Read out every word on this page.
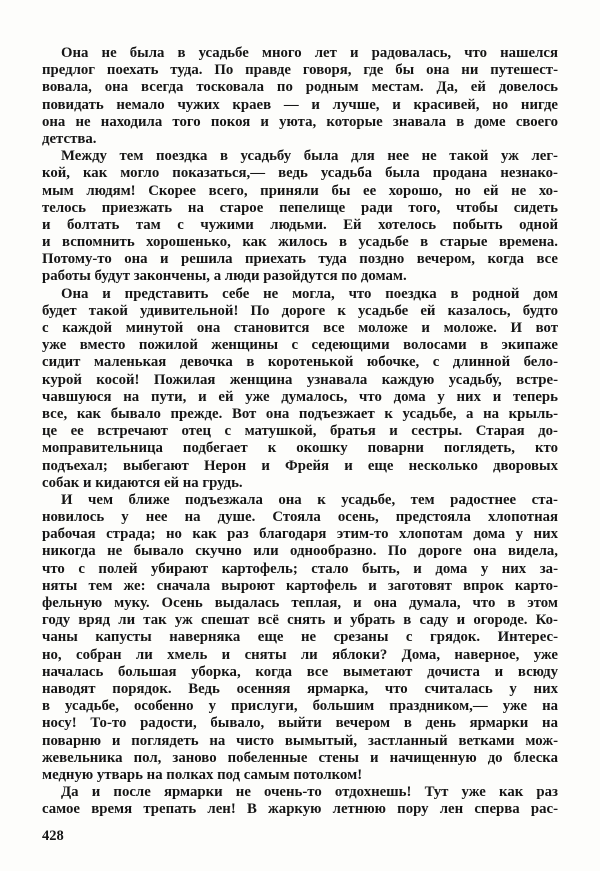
Она не была в усадьбе много лет и радовалась, что нашелся
предлог поехать туда. По правде говоря, где бы она ни путешест-
вовала, она всегда тосковала по родным местам. Да, ей довелось
повидать немало чужих краев — и лучше, и красивей, но нигде
она не находила того покоя и уюта, которые знавала в доме своего
детства.
Между тем поездка в усадьбу была для нее не такой уж лег-
кой, как могло показаться,— ведь усадьба была продана незнако-
мым людям! Скорее всего, приняли бы ее хорошо, но ей не хо-
телось приезжать на старое пепелище ради того, чтобы сидеть
и болтать там с чужими людьми. Ей хотелось побыть одной
и вспомнить хорошенько, как жилось в усадьбе в старые времена.
Потому-то она и решила приехать туда поздно вечером, когда все
работы будут закончены, а люди разойдутся по домам.
Она и представить себе не могла, что поездка в родной дом
будет такой удивительной! По дороге к усадьбе ей казалось, будто
с каждой минутой она становится все моложе и моложе. И вот
уже вместо пожилой женщины с седеющими волосами в экипаже
сидит маленькая девочка в коротенькой юбочке, с длинной бело-
курой косой! Пожилая женщина узнавала каждую усадьбу, встре-
чавшуюся на пути, и ей уже думалось, что дома у них и теперь
все, как бывало прежде. Вот она подъезжает к усадьбе, а на крыль-
це ее встречают отец с матушкой, братья и сестры. Старая до-
моправительница подбегает к окошку поварни поглядеть, кто
подъехал; выбегают Нерон и Фрейя и еще несколько дворовых
собак и кидаются ей на грудь.
И чем ближе подъезжала она к усадьбе, тем радостнее ста-
новилось у нее на душе. Стояла осень, предстояла хлопотная
рабочая страда; но как раз благодаря этим-то хлопотам дома у них
никогда не бывало скучно или однообразно. По дороге она видела,
что с полей убирают картофель; стало быть, и дома у них за-
няты тем же: сначала выроют картофель и заготовят впрок карто-
фельную муку. Осень выдалась теплая, и она думала, что в этом
году вряд ли так уж спешат всё снять и убрать в саду и огороде. Ко-
чаны капусты наверняка еще не срезаны с грядок. Интерес-
но, собран ли хмель и сняты ли яблоки? Дома, наверное, уже
началась большая уборка, когда все выметают дочиста и всюду
наводят порядок. Ведь осенняя ярмарка, что считалась у них
в усадьбе, особенно у прислуги, большим праздником,— уже на
носу! То-то радости, бывало, выйти вечером в день ярмарки на
поварню и поглядеть на чисто вымытый, застланный ветками мож-
жевельника пол, заново побеленные стены и начищенную до блеска
медную утварь на полках под самым потолком!
Да и после ярмарки не очень-то отдохнешь! Тут уже как раз
самое время трепать лен! В жаркую летнюю пору лен сперва рас-
428
